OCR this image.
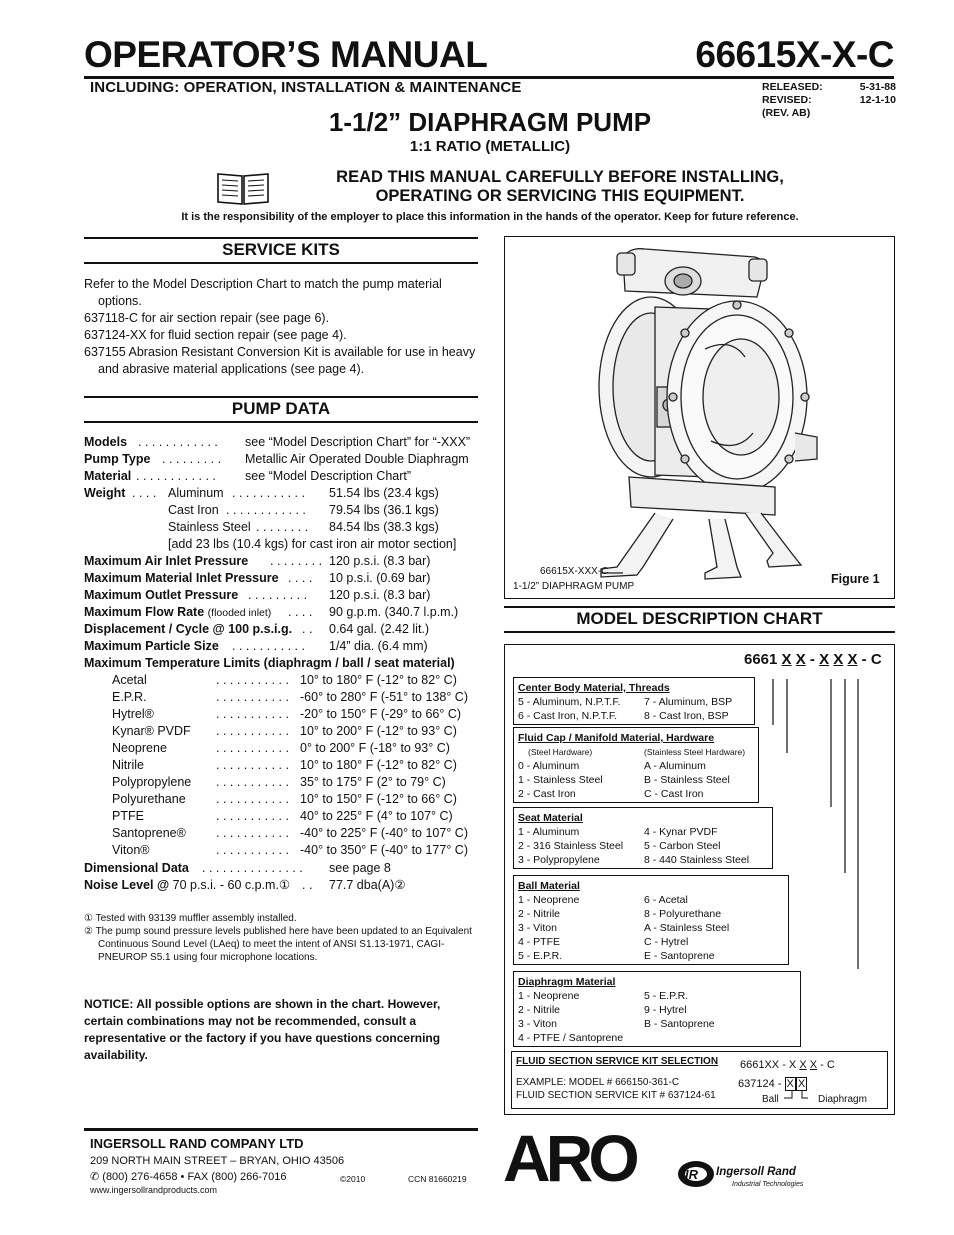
OPERATOR’S MANUAL	66615X-X-C
INCLUDING: OPERATION, INSTALLATION & MAINTENANCE	RELEASED:	5-31-88
REVISED:	12-1-10
(REV. AB)
1-1/2” DIAPHRAGM PUMP
1:1 RATIO (METALLIC)
READ THIS MANUAL CAREFULLY BEFORE INSTALLING,
OPERATING OR SERVICING THIS EQUIPMENT.
It is the responsibility of the employer to place this information in the hands of the operator. Keep for future reference.
SERVICE KITS
Refer to the Model Description Chart to match the pump material options.
637118-C for air section repair (see page 6).
637124-XX for fluid section repair (see page 4).
637155 Abrasion Resistant Conversion Kit is available for use in heavy and abrasive material applications (see page 4).
PUMP DATA
Models . . . . . . . . . . . . see “Model Description Chart” for “-XXX”
Pump Type . . . . . . . . . Metallic Air Operated Double Diaphragm
Material . . . . . . . . . . . . see “Model Description Chart”
Weight . . . . Aluminum . . . . . . . . . . . 51.54 lbs (23.4 kgs)
Cast Iron . . . . . . . . . . . . 79.54 lbs (36.1 kgs)
Stainless Steel . . . . . . . . 84.54 lbs (38.3 kgs)
[add 23 lbs (10.4 kgs) for cast iron air motor section]
Maximum Air Inlet Pressure . . . . . . . . 120 p.s.i. (8.3 bar)
Maximum Material Inlet Pressure . . . . 10 p.s.i. (0.69 bar)
Maximum Outlet Pressure . . . . . . . . . 120 p.s.i. (8.3 bar)
Maximum Flow Rate (flooded inlet) . . . . 90 g.p.m. (340.7 l.p.m.)
Displacement / Cycle @ 100 p.s.i.g. . . 0.64 gal. (2.42 lit.)
Maximum Particle Size . . . . . . . . . . . 1/4” dia. (6.4 mm)
Maximum Temperature Limits (diaphragm / ball / seat material)
Acetal	. . . . . . . . . . . 10° to 180° F (-12° to 82° C)
E.P.R.	. . . . . . . . . . . -60° to 280° F (-51° to 138° C)
Hytrel®	. . . . . . . . . . . -20° to 150° F (-29° to 66° C)
Kynar® PVDF . . . . . . . . . . . 10° to 200° F (-12° to 93° C)
Neoprene	. . . . . . . . . . . 0° to 200° F (-18° to 93° C)
Nitrile	. . . . . . . . . . . 10° to 180° F (-12° to 82° C)
Polypropylene . . . . . . . . . . . 35° to 175° F (2° to 79° C)
Polyurethane . . . . . . . . . . . 10° to 150° F (-12° to 66° C)
PTFE	. . . . . . . . . . . 40° to 225° F (4° to 107° C)
Santoprene® . . . . . . . . . . . -40° to 225° F (-40° to 107° C)
Viton®	. . . . . . . . . . . -40° to 350° F (-40° to 177° C)
Dimensional Data . . . . . . . . . . . . . . . see page 8
Noise Level @ 70 p.s.i. - 60 c.p.m.① . . 77.7 dba(A)②
① Tested with 93139 muffler assembly installed.
② The pump sound pressure levels published here have been updated to an Equivalent Continuous Sound Level (LAeq) to meet the intent of ANSI S1.13-1971, CAGI-PNEUROP S5.1 using four microphone locations.
NOTICE: All possible options are shown in the chart. However, certain combinations may not be recommended, consult a representative or the factory if you have questions concerning availability.
66615X-XXX-C
1-1/2” DIAPHRAGM PUMP
Figure 1
MODEL DESCRIPTION CHART
Center Body Material, Threads
5 - Aluminum, N.P.T.F. 7 - Aluminum, BSP
6 - Cast Iron, N.P.T.F.	8 - Cast Iron, BSP
Fluid Cap / Manifold Material, Hardware
(Steel Hardware)	(Stainless Steel Hardware)
0 - Aluminum	A - Aluminum
1 - Stainless Steel	B - Stainless Steel
2 - Cast Iron	C - Cast Iron
Seat Material
1 - Aluminum	4 - Kynar PVDF
2 - 316 Stainless Steel 5 - Carbon Steel
3 - Polypropylene	8 - 440 Stainless Steel
Ball Material
1 - Neoprene	6 - Acetal
2 - Nitrile	8 - Polyurethane
3 - Viton	A - Stainless Steel
4 - PTFE	C - Hytrel
5 - E.P.R.	E - Santoprene
Diaphragm Material
1 - Neoprene	5 - E.P.R.
2 - Nitrile	9 - Hytrel
3 - Viton	B - Santoprene
4 - PTFE / Santoprene
FLUID SECTION SERVICE KIT SELECTION 6661XX - X X X - C
EXAMPLE: MODEL # 666150-361-C
FLUID SECTION SERVICE KIT # 637124-61
637124 - X X
Ball	Diaphragm
6661 X X - X X X - C
INGERSOLL RAND COMPANY LTD
209 NORTH MAIN STREET – BRYAN, OHIO 43506
✆ (800) 276-4658 • FAX (800) 266-7016
www.ingersollrandproducts.com
©2010	CCN 81660219 ARO	IR Ingersoll Rand
Industrial Technologies
